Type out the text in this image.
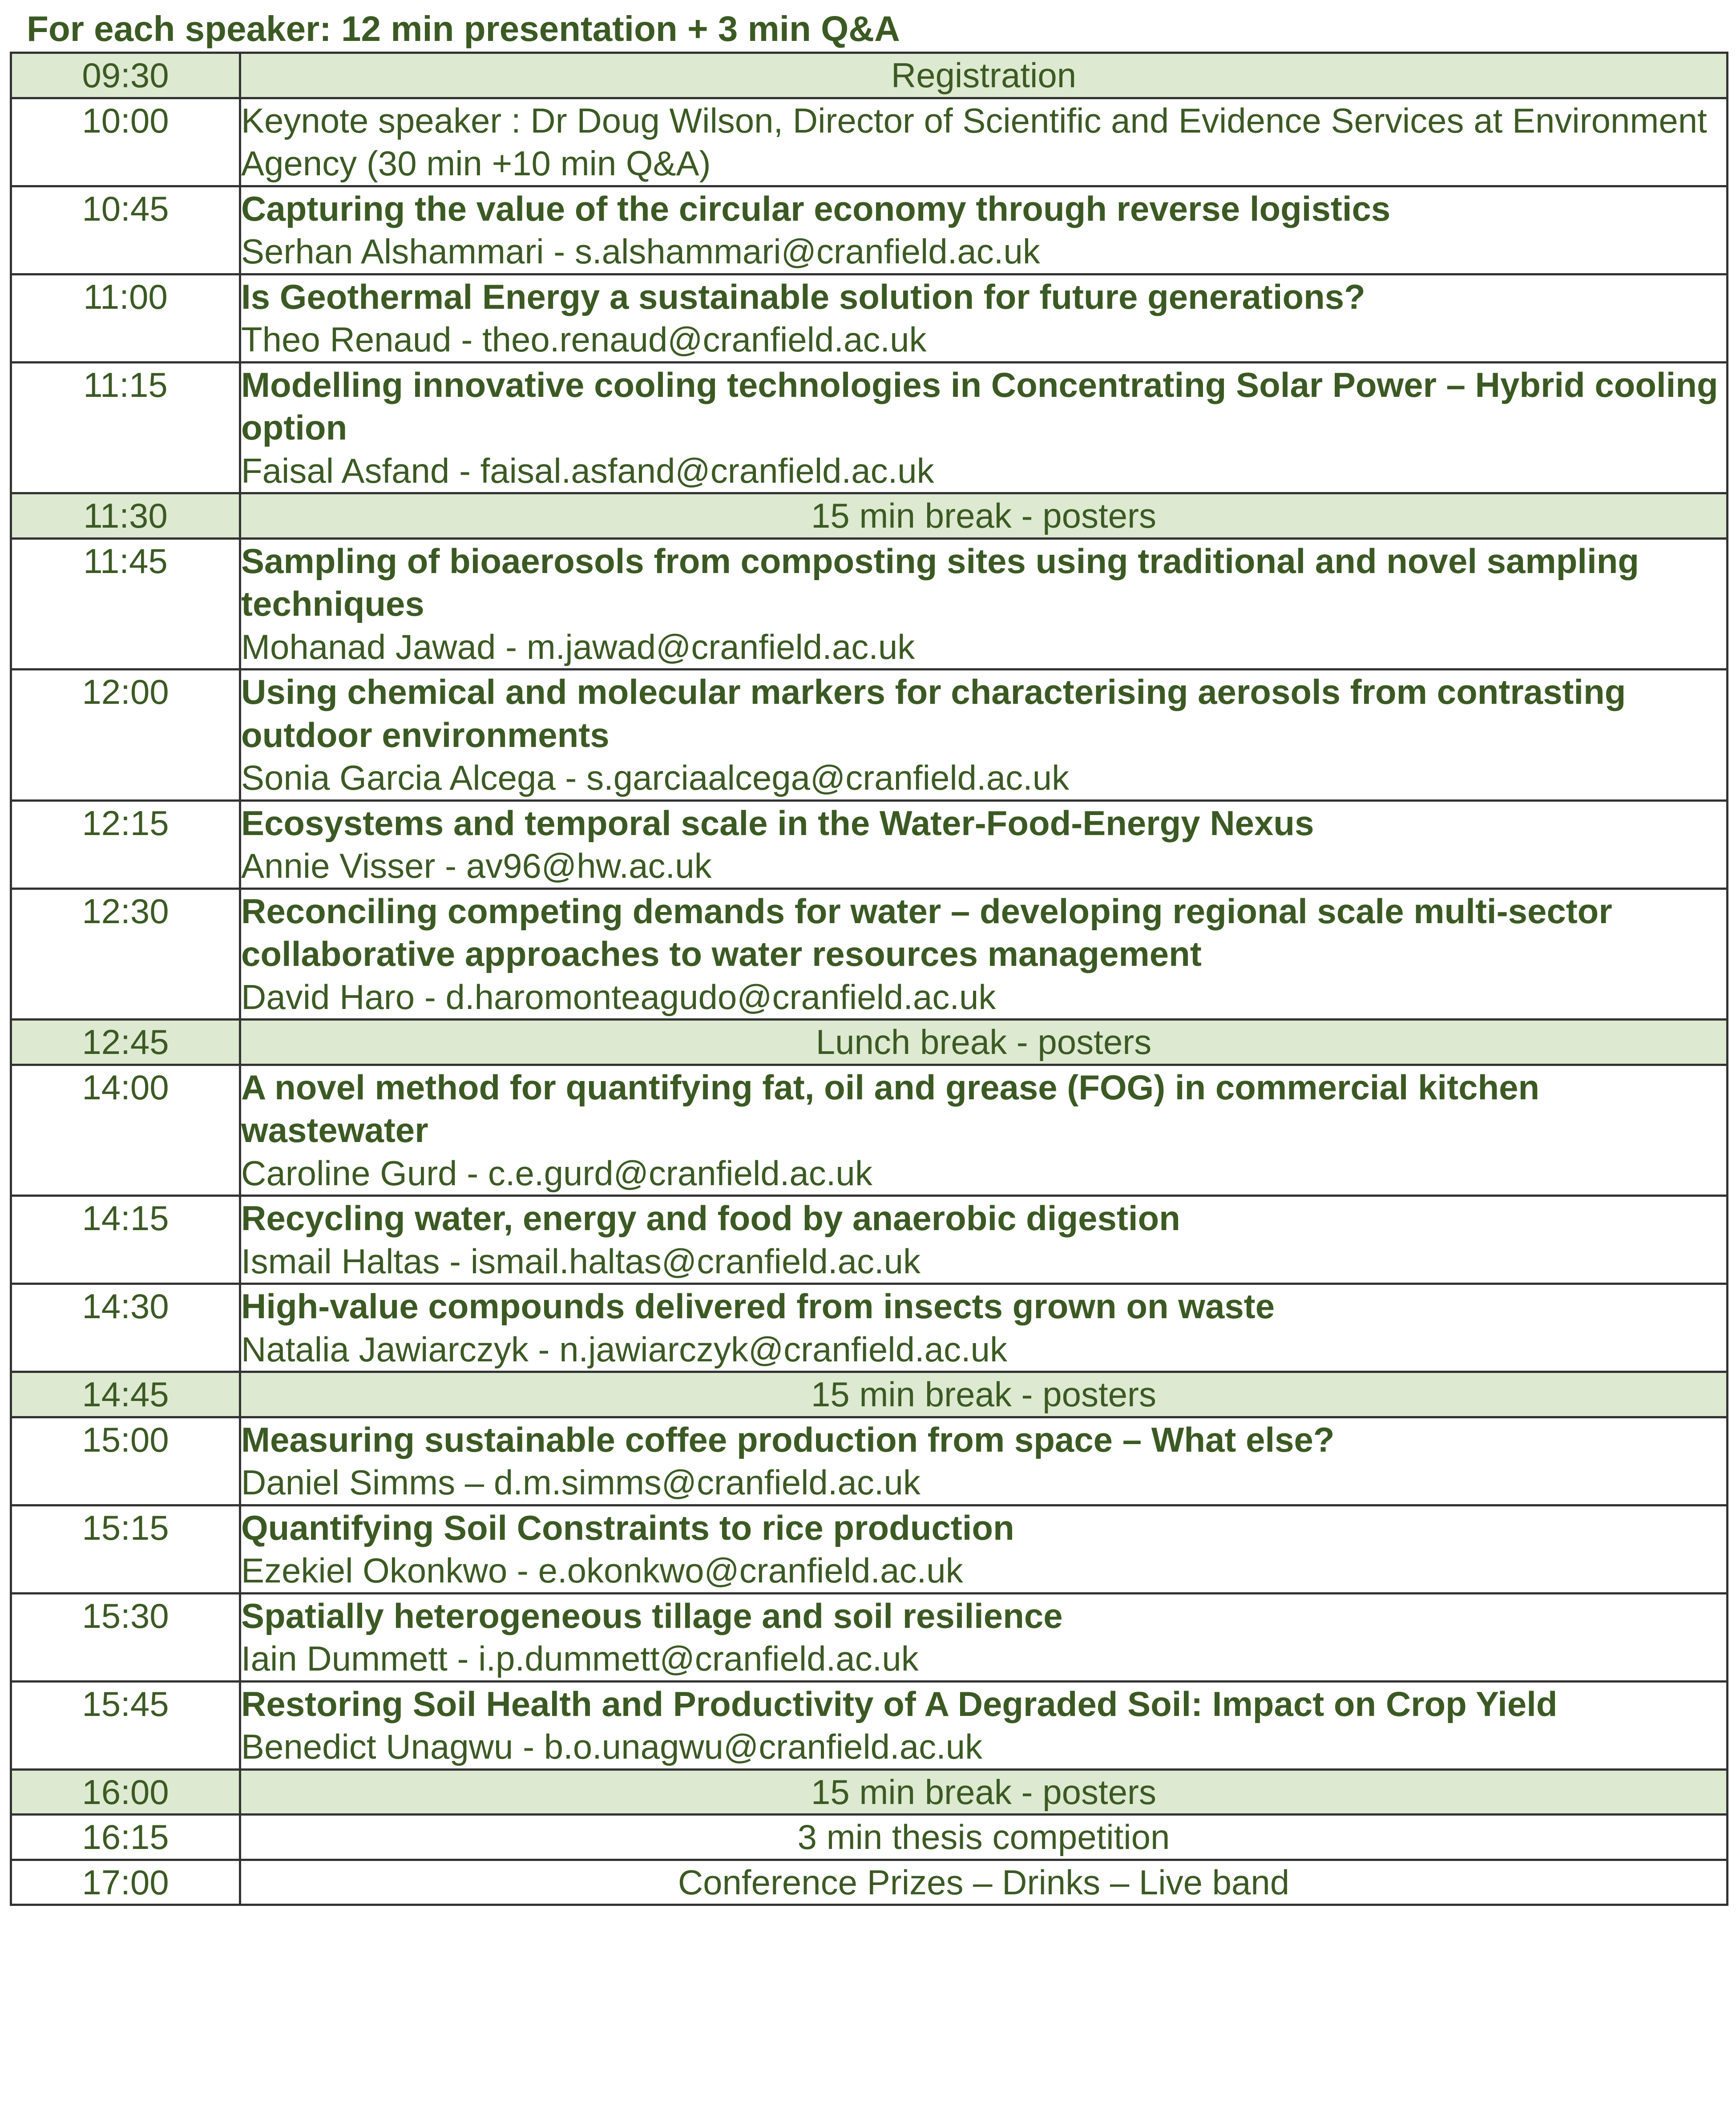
For each speaker: 12 min presentation + 3 min Q&A
09:30	Registration
10:00	Keynote speaker : Dr Doug Wilson, Director of Scientific and Evidence Services at Environment Agency (30 min +10 min Q&A)
10:45	Capturing the value of the circular economy through reverse logistics
Serhan Alshammari - s.alshammari@cranfield.ac.uk

11:00	Is Geothermal Energy a sustainable solution for future generations?
Theo Renaud - theo.renaud@cranfield.ac.uk

11:15	Modelling innovative cooling technologies in Concentrating Solar Power – Hybrid cooling option
Faisal Asfand - faisal.asfand@cranfield.ac.uk

11:30	15 min break - posters
11:45	Sampling of bioaerosols from composting sites using traditional and novel sampling techniques
Mohanad Jawad - m.jawad@cranfield.ac.uk

12:00	Using chemical and molecular markers for characterising aerosols from contrasting outdoor environments
Sonia Garcia Alcega - s.garciaalcega@cranfield.ac.uk

12:15	Ecosystems and temporal scale in the Water-Food-Energy Nexus
Annie Visser - av96@hw.ac.uk

12:30	Reconciling competing demands for water – developing regional scale multi-sector collaborative approaches to water resources management
David Haro - d.haromonteagudo@cranfield.ac.uk

12:45	Lunch break - posters
14:00	A novel method for quantifying fat, oil and grease (FOG) in commercial kitchen wastewater
Caroline Gurd - c.e.gurd@cranfield.ac.uk

14:15	Recycling water, energy and food by anaerobic digestion
Ismail Haltas - ismail.haltas@cranfield.ac.uk

14:30	High-value compounds delivered from insects grown on waste
Natalia Jawiarczyk - n.jawiarczyk@cranfield.ac.uk

14:45	15 min break - posters
15:00	Measuring sustainable coffee production from space – What else?
Daniel Simms – d.m.simms@cranfield.ac.uk

15:15	Quantifying Soil Constraints to rice production
Ezekiel Okonkwo - e.okonkwo@cranfield.ac.uk

15:30	Spatially heterogeneous tillage and soil resilience
Iain Dummett - i.p.dummett@cranfield.ac.uk

15:45	Restoring Soil Health and Productivity of A Degraded Soil: Impact on Crop Yield
Benedict Unagwu - b.o.unagwu@cranfield.ac.uk

16:00	15 min break - posters
16:15	3 min thesis competition
17:00	Conference Prizes – Drinks – Live band
